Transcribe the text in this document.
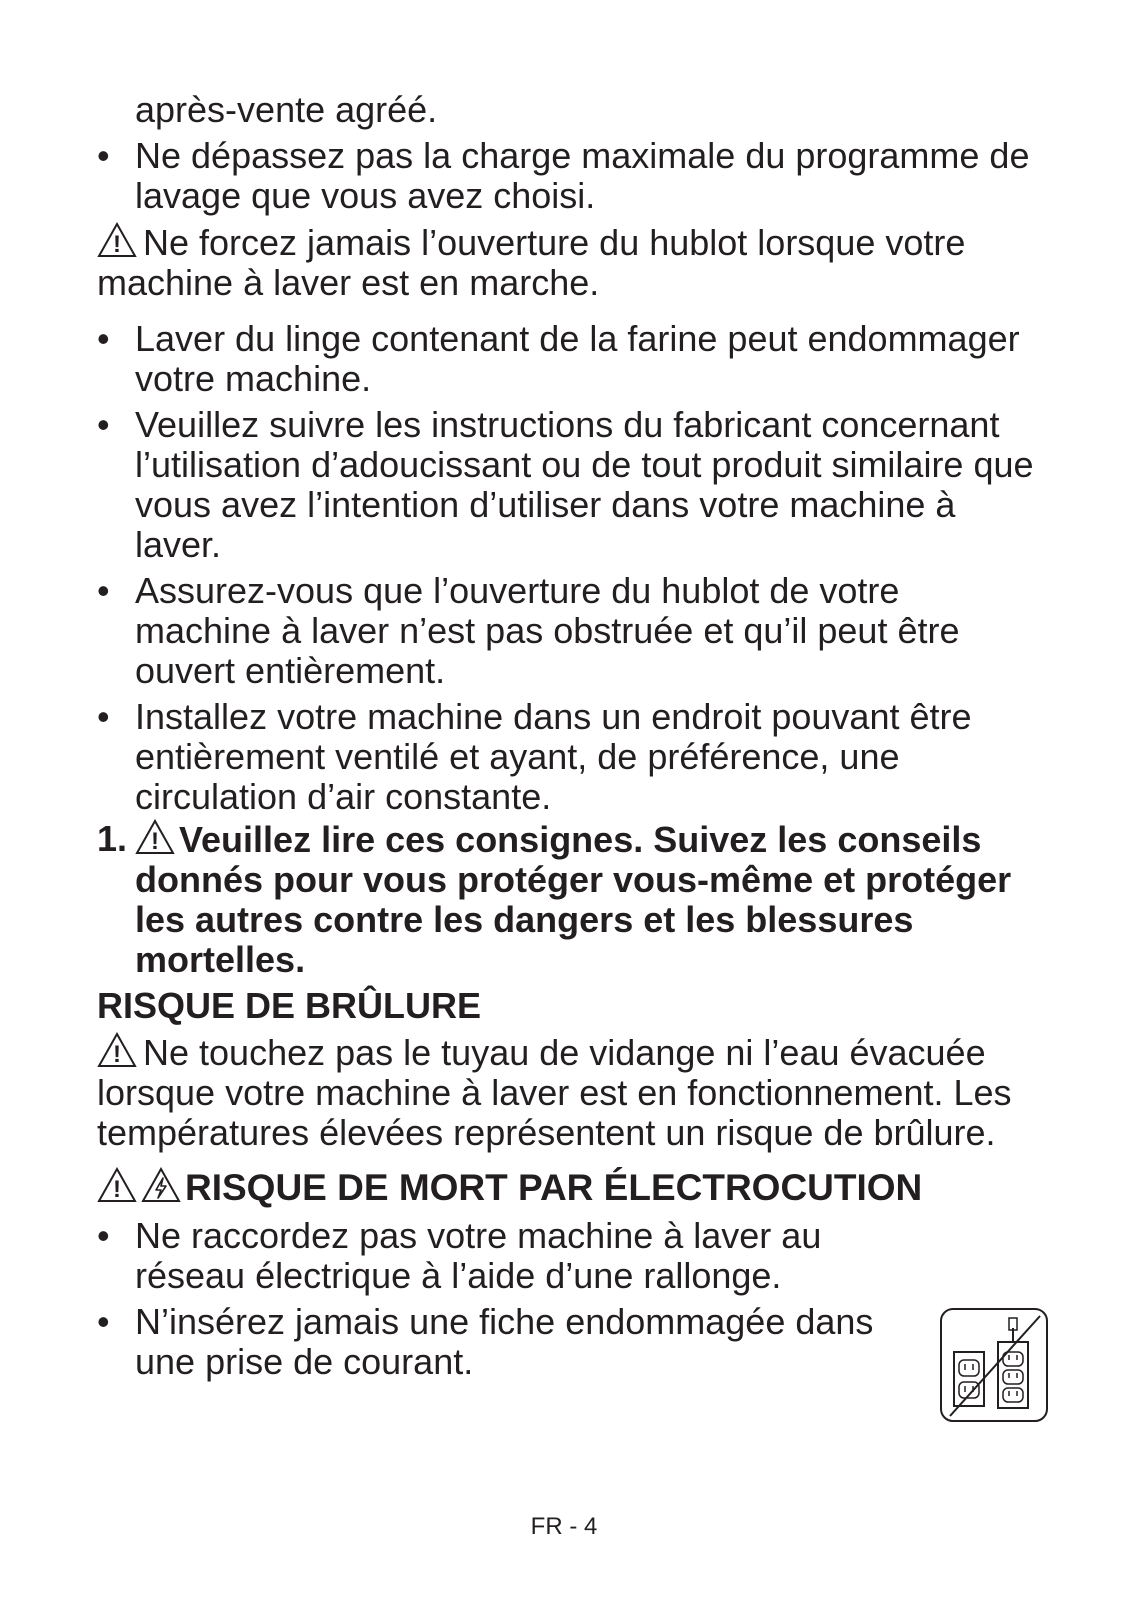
après-vente agréé.
• Ne dépassez pas la charge maximale du programme de lavage que vous avez choisi.
! Ne forcez jamais l’ouverture du hublot lorsque votre machine à laver est en marche.
• Laver du linge contenant de la farine peut endommager votre machine.
• Veuillez suivre les instructions du fabricant concernant l’utilisation d’adoucissant ou de tout produit similaire que vous avez l’intention d’utiliser dans votre machine à laver.
• Assurez-vous que l’ouverture du hublot de votre machine à laver n’est pas obstruée et qu’il peut être ouvert entièrement.
• Installez votre machine dans un endroit pouvant être entièrement ventilé et ayant, de préférence, une circulation d’air constante.
1. ! Veuillez lire ces consignes. Suivez les conseils donnés pour vous protéger vous-même et protéger les autres contre les dangers et les blessures mortelles.
RISQUE DE BRÛLURE
! Ne touchez pas le tuyau de vidange ni l’eau évacuée lorsque votre machine à laver est en fonctionnement. Les températures élevées représentent un risque de brûlure.
! RISQUE DE MORT PAR ÉLECTROCUTION
• Ne raccordez pas votre machine à laver au réseau électrique à l’aide d’une rallonge.
• N’insérez jamais une fiche endommagée dans une prise de courant.
FR - 4
